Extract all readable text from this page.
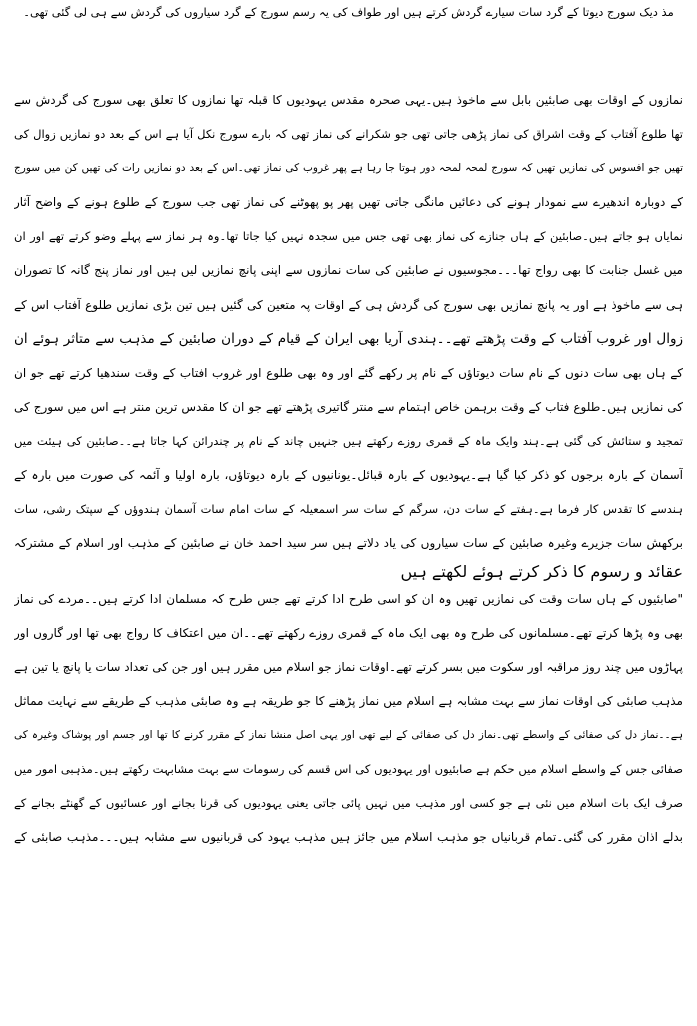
مذ دیک سورج دیوتا کے گرد سات سیارے گردش کرتے ہیں اور طواف کی یہ رسم سورج کے گرد سیاروں کی گردش سے ہی لی گئی تھی۔
نمازوں کے اوقات بھی صابئین بابل سے ماخوذ ہیں۔یہی صحرہ مقدس یہودیوں کا قبلہ تھا نمازوں کا تعلق بھی سورج کی گردش سے
تھا طلوع آفتاب کے وقت اشراق کی نماز پڑھی جاتی تھی جو شکرانے کی نماز تھی کہ بارے سورج نکل آیا ہے اس کے بعد دو نمازیں زوال کی
تھیں جو افسوس کی نمازیں تھیں کہ سورج لمحہ لمحہ دور ہوتا جا رہا ہے پھر غروب کی نماز تھی۔اس کے بعد دو نمازیں رات کی تھیں کن میں سورج
کے دوبارہ اندھیرے سے نمودار ہونے کی دعائیں مانگی جاتی تھیں پھر پو پھوٹنے کی نماز تھی جب سورج کے طلوع ہونے کے واضح آثار
نمایاں ہو جاتے ہیں۔صابئین کے ہاں جنازے کی نماز بھی تھی جس میں سجدہ نہیں کیا جاتا تھا۔وہ ہر نماز سے پہلے وضو کرتے تھے اور ان
میں غسل جنابت کا بھی رواج تھا۔۔۔مجوسیوں نے صابئین کی سات نمازوں سے اپنی پانچ نمازیں لیں ہیں اور نماز پنج گانہ کا تصوران
ہی سے ماخوذ ہے اور یہ پانچ نمازیں بھی سورج کی گردش ہی کے اوقات پہ متعین کی گئیں ہیں تین بڑی نمازیں طلوع آفتاب اس کے
زوال اور غروب آفتاب کے وقت پڑھتے تھے۔۔ہندی آریا بھی ایران کے قیام کے دوران صابئین کے مذہب سے متاثر ہوئے ان
کے ہاں بھی سات دنوں کے نام سات دیوتاؤں کے نام پر رکھے گئے اور وہ بھی طلوع اور غروب افتاب کے وقت سندھیا کرتے تھے جو ان
کی نمازیں ہیں۔طلوع فتاب کے وقت برہمن خاص اہتمام سے منتر گاتیری پڑھتے تھے جو ان کا مقدس ترین منتر ہے اس میں سورج کی
تمجید و ستائش کی گئی ہے۔ہند وایک ماہ کے قمری روزے رکھتے ہیں جنہیں چاند کے نام پر چندرائن کہا جاتا ہے۔۔صابئین کی ہیئت میں
آسمان کے بارہ برجوں کو ذکر کیا گیا ہے۔یہودیوں کے بارہ قبائل۔یونانیوں کے بارہ دیوتاؤں، بارہ اولیا و آئمہ کی صورت میں بارہ کے
ہندسے کا تقدس کار فرما ہے۔ہفتے کے سات دن، سرگم کے سات سر اسمعیلہ کے سات امام سات آسمان ہندوؤں کے سپتک رشی، سات
برکھش سات جزیرے وغیرہ صابئین کے سات سیاروں کی یاد دلاتے ہیں سر سید احمد خان نے صابئین کے مذہب اور اسلام کے مشترکہ
عقائد و رسوم کا ذکر کرتے ہوئے لکھتے ہیں
"صابئیوں کے ہاں سات وقت کی نمازیں تھیں وہ ان کو اسی طرح ادا کرتے تھے جس طرح کہ مسلمان ادا کرتے ہیں۔۔مردے کی نماز
بھی وہ پڑھا کرتے تھے۔مسلمانوں کی طرح وہ بھی ایک ماہ کے قمری روزے رکھتے تھے۔۔ان میں اعتکاف کا رواج بھی تھا اور گاروں اور
پہاڑوں میں چند روز مراقبہ اور سکوت میں بسر کرتے تھے۔اوقات نماز جو اسلام میں مقرر ہیں اور جن کی تعداد سات یا پانچ یا تین ہے
مذہب صابئی کی اوقات نماز سے بہت مشابہ ہے اسلام میں نماز پڑھنے کا جو طریقہ ہے وہ صابئی مذہب کے طریقے سے نہایت مماثل
ہے۔۔نماز دل کی صفائی کے واسطے تھی۔نماز دل کی صفائی کے لیے تھی اور یہی اصل منشا نماز کے مقرر کرنے کا تھا اور جسم اور پوشاک وغیرہ کی
صفائی جس کے واسطے اسلام میں حکم ہے صابئیوں اور یہودیوں کی اس قسم کی رسومات سے بہت مشابہت رکھتے ہیں۔مذہبی امور میں
صرف ایک بات اسلام میں نئی ہے جو کسی اور مذہب میں نہیں پائی جاتی یعنی یہودیوں کی قرنا بجانے اور عسائیوں کے گھنٹے بجانے کے
بدلے اذان مقرر کی گئی۔تمام قربانیاں جو مذہب اسلام میں جائز ہیں مذہب یہود کی قربانیوں سے مشابہ ہیں۔۔۔مذہب صابئی کے
